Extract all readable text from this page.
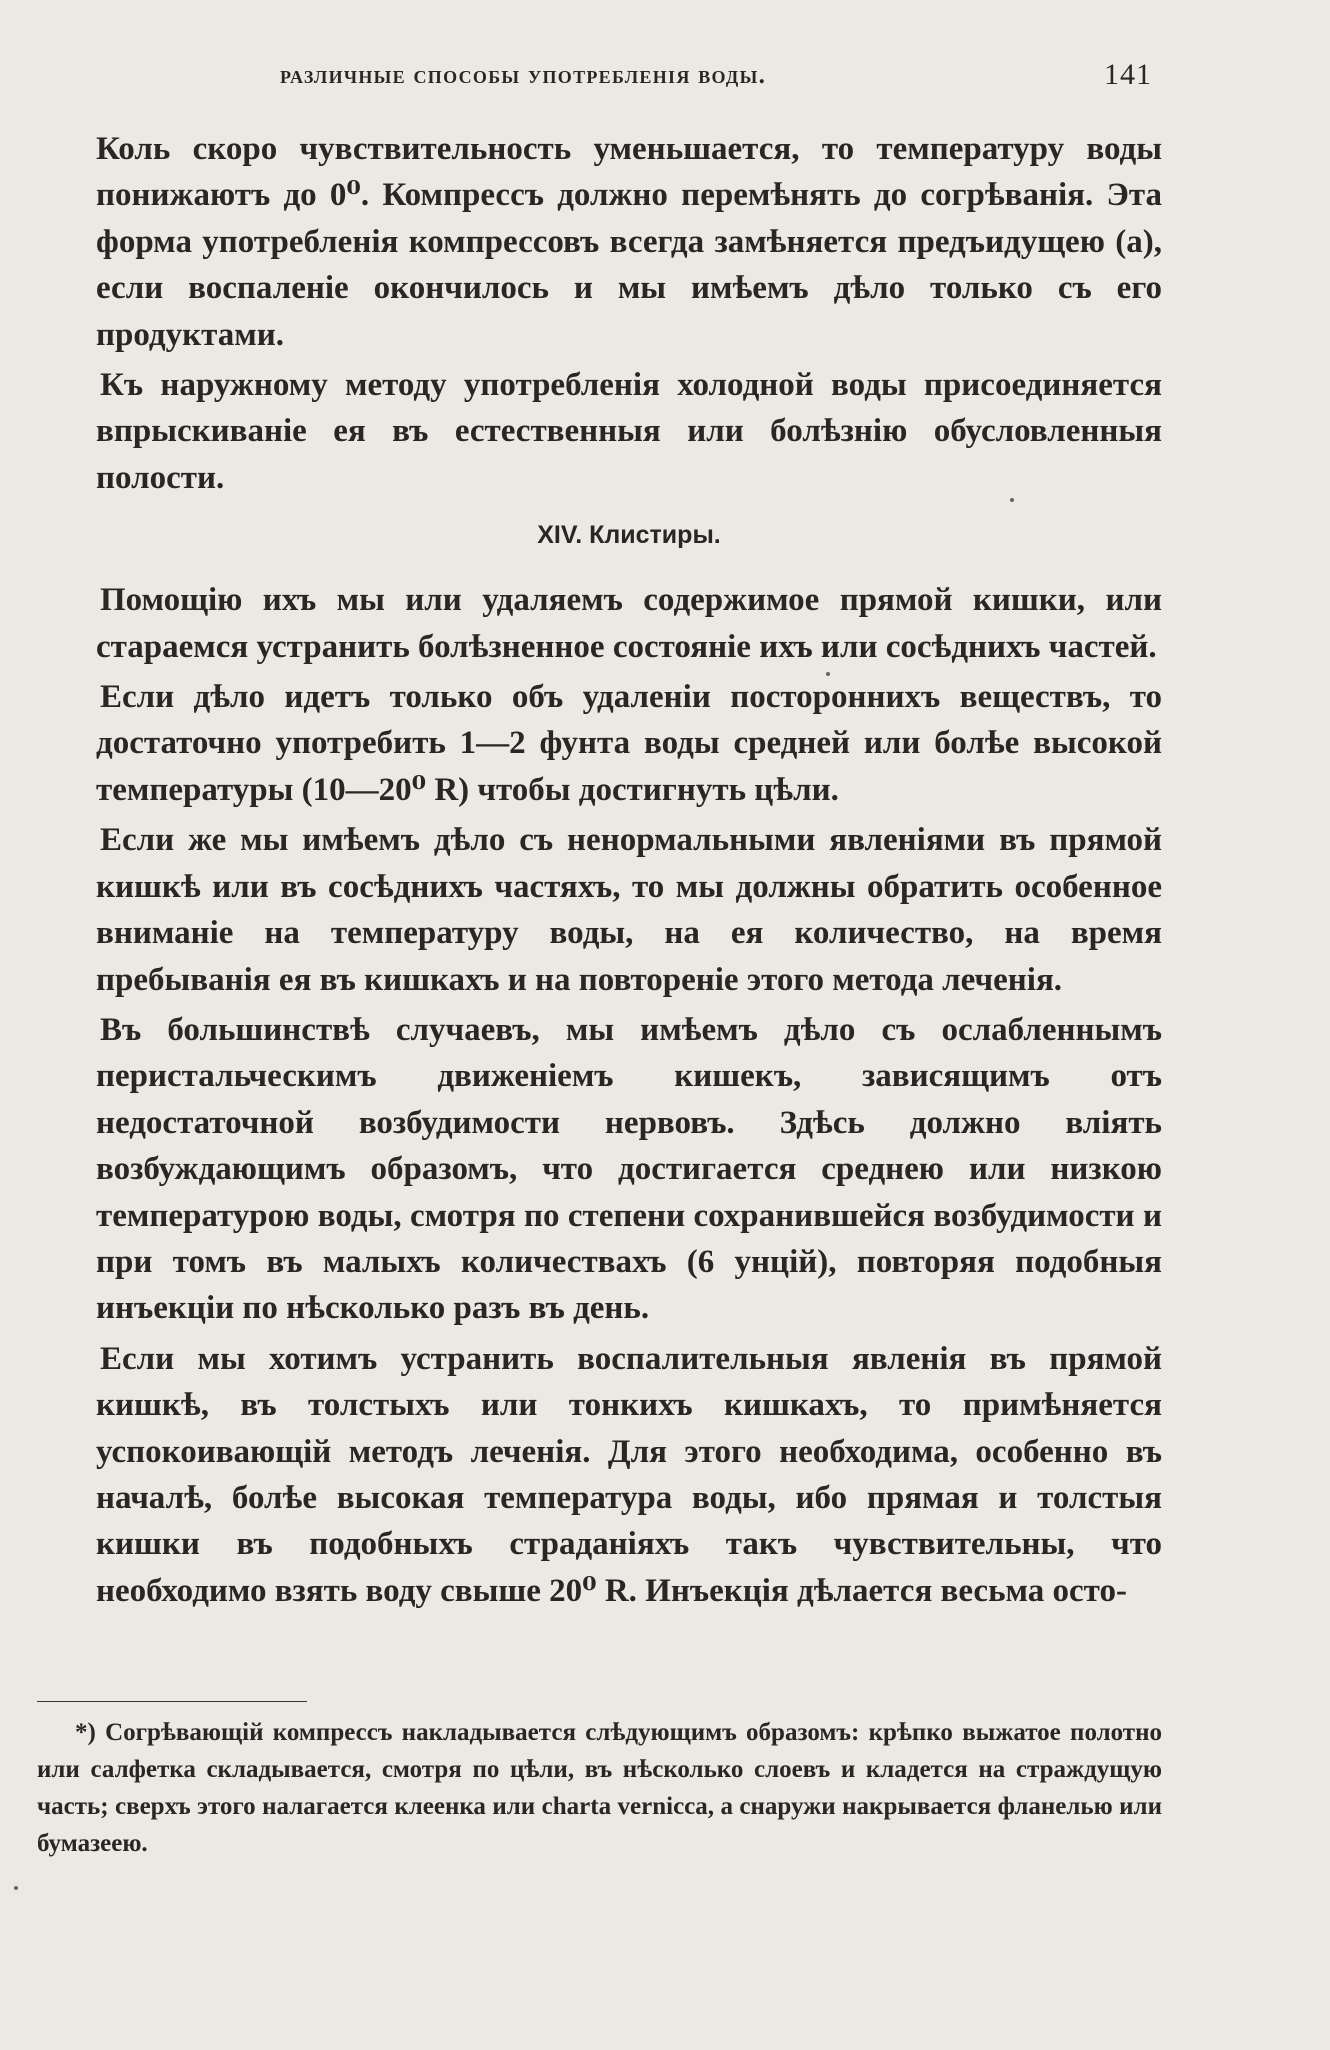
различные способы употребленія воды.	141

Коль скоро чувствительность уменьшается, то температуру воды понижаютъ до 0⁰. Компрессъ должно перемѣнять до согрѣванія. Эта форма употребленія компрессовъ всегда замѣняется предъидущею (а), если воспаленіе окончилось и мы имѣемъ дѣло только съ его продуктами.

Къ наружному методу употребленія холодной воды присоединяется впрыскиваніе ея въ естественныя или болѣзнію обусловленныя полости.

XIV. Клистиры.

Помощію ихъ мы или удаляемъ содержимое прямой кишки, или стараемся устранить болѣзненное состояніе ихъ или сосѣднихъ частей.

Если дѣло идетъ только объ удаленіи посторонниxъ веществъ, то достаточно употребить 1—2 фунта воды средней или болѣе высокой температуры (10—20⁰ R) чтобы достигнуть цѣли.

Если же мы имѣемъ дѣло съ ненормальными явленіями въ прямой кишкѣ или въ сосѣднихъ частяхъ, то мы должны обратить особенное вниманіе на температуру воды, на ея количество, на время пребыванія ея въ кишкахъ и на повтореніе этого метода леченія.

Въ большинствѣ случаевъ, мы имѣемъ дѣло съ ослабленнымъ перистальческимъ движеніемъ кишекъ, зависящимъ отъ недостаточной возбудимости нервовъ. Здѣсь должно вліять возбуждающимъ образомъ, что достигается среднею или низкою температурою воды, смотря по степени сохранившейся возбудимости и при томъ въ малыхъ количествахъ (6 унцій), повторяя подобныя инъекціи по нѣсколько разъ въ день.

Если мы хотимъ устранить воспалительныя явленія въ прямой кишкѣ, въ толстыхъ или тонкихъ кишкахъ, то примѣняется успокоивающій методъ леченія. Для этого необходима, особенно въ началѣ, болѣе высокая температура воды, ибо прямая и толстыя кишки въ подобныхъ страданіяхъ такъ чувствительны, что необходимо взять воду свыше 20⁰ R. Инъекція дѣлается весьма осто-

*) Согрѣвающій компрессъ накладывается слѣдующимъ образомъ: крѣпко выжатое полотно или салфетка складывается, смотря по цѣли, въ нѣсколько слоевъ и кладется на страждущую часть; сверхъ этого налагается клеенка или charta vernicca, а снаружи накрывается фланелью или бумазеею.
